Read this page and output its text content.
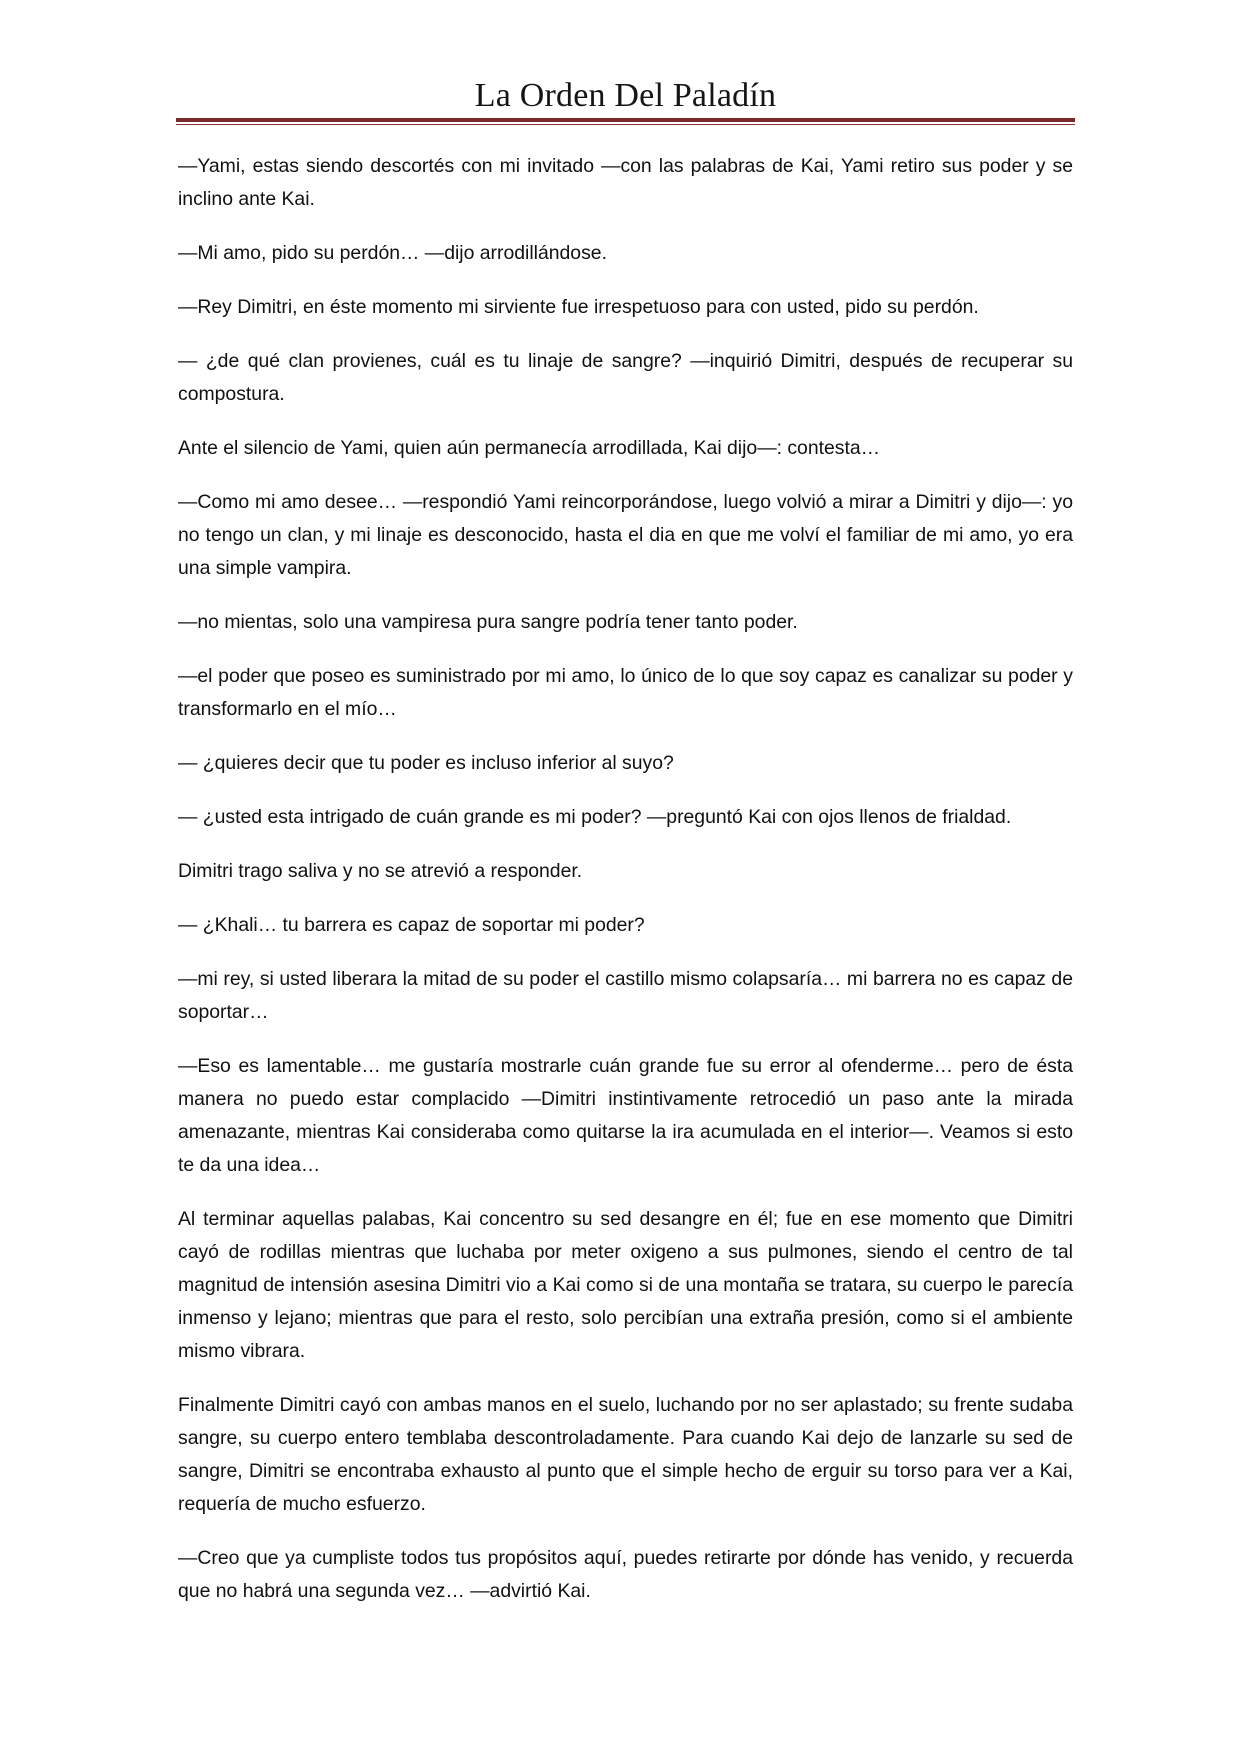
La Orden Del Paladín

—Yami, estas siendo descortés con mi invitado —con las palabras de Kai, Yami retiro sus poder y se inclino ante Kai.

—Mi amo, pido su perdón… —dijo arrodillándose.

—Rey Dimitri, en éste momento mi sirviente fue irrespetuoso para con usted, pido su perdón.

— ¿de qué clan provienes, cuál es tu linaje de sangre? —inquirió Dimitri, después de recuperar su compostura.

Ante el silencio de Yami, quien aún permanecía arrodillada, Kai dijo—: contesta…

—Como mi amo desee… —respondió Yami reincorporándose, luego volvió a mirar a Dimitri y dijo—: yo no tengo un clan, y mi linaje es desconocido, hasta el dia en que me volví el familiar de mi amo, yo era una simple vampira.

—no mientas, solo una vampiresa pura sangre podría tener tanto poder.

—el poder que poseo es suministrado por mi amo, lo único de lo que soy capaz es canalizar su poder y transformarlo en el mío…

— ¿quieres decir que tu poder es incluso inferior al suyo?

— ¿usted esta intrigado de cuán grande es mi poder? —preguntó Kai con ojos llenos de frialdad.

Dimitri trago saliva y no se atrevió a responder.

— ¿Khali… tu barrera es capaz de soportar mi poder?

—mi rey, si usted liberara la mitad de su poder el castillo mismo colapsaría… mi barrera no es capaz de soportar…

—Eso es lamentable… me gustaría mostrarle cuán grande fue su error al ofenderme… pero de ésta manera no puedo estar complacido —Dimitri instintivamente retrocedió un paso ante la mirada amenazante, mientras Kai consideraba como quitarse la ira acumulada en el interior—. Veamos si esto te da una idea…

Al terminar aquellas palabas, Kai concentro su sed desangre en él; fue en ese momento que Dimitri cayó de rodillas mientras que luchaba por meter oxigeno a sus pulmones, siendo el centro de tal magnitud de intensión asesina Dimitri vio a Kai como si de una montaña se tratara, su cuerpo le parecía inmenso y lejano; mientras que para el resto, solo percibían una extraña presión, como si el ambiente mismo vibrara.

Finalmente Dimitri cayó con ambas manos en el suelo, luchando por no ser aplastado; su frente sudaba sangre, su cuerpo entero temblaba descontroladamente. Para cuando Kai dejo de lanzarle su sed de sangre, Dimitri se encontraba exhausto al punto que el simple hecho de erguir su torso para ver a Kai, requería de mucho esfuerzo.

—Creo que ya cumpliste todos tus propósitos aquí, puedes retirarte por dónde has venido, y recuerda que no habrá una segunda vez… —advirtió Kai.
